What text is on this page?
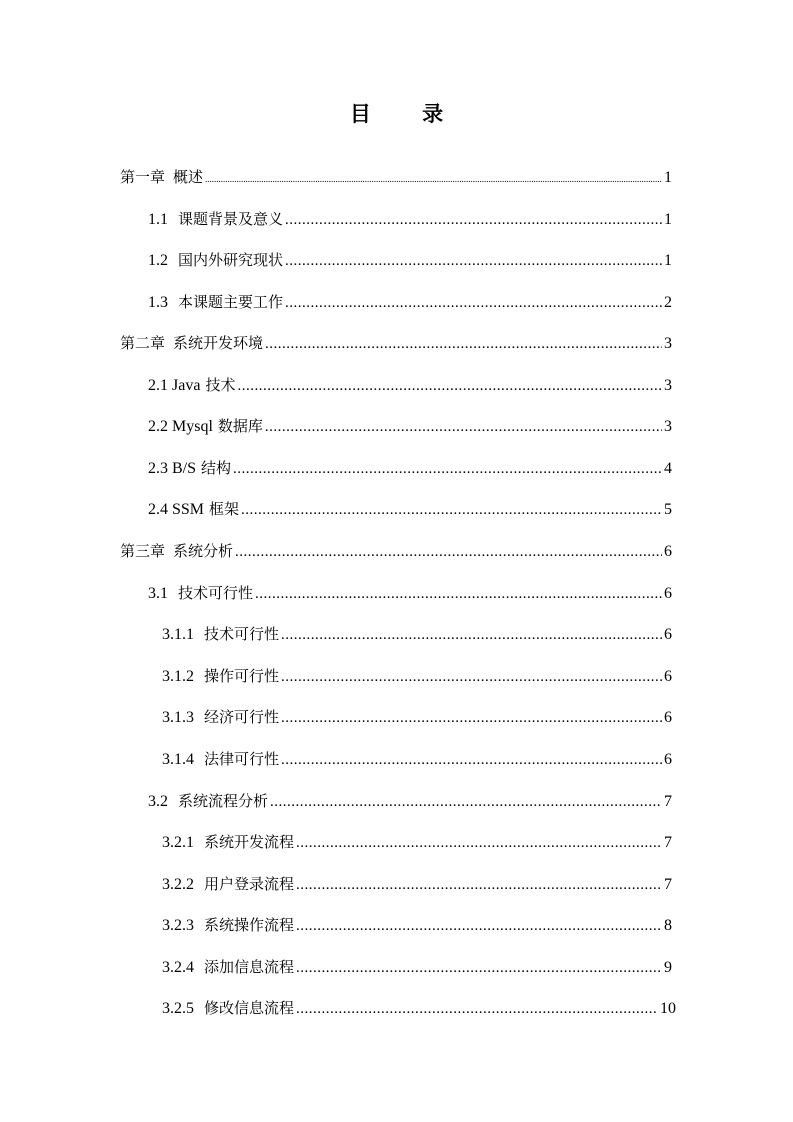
目 录
第一章 概述 .....	1
1.1 课题背景及意义 .....	1
1.2 国内外研究现状 .....	1
1.3 本课题主要工作 .....	2
第二章 系统开发环境 .....	3
2.1 Java 技术 .....	3
2.2 Mysql 数据库 .....	3
2.3 B/S 结构 .....	4
2.4 SSM 框架 .....	5
第三章 系统分析 .....	6
3.1 技术可行性 .....	6
3.1.1 技术可行性 .....	6
3.1.2 操作可行性 .....	6
3.1.3 经济可行性 .....	6
3.1.4 法律可行性 .....	6
3.2 系统流程分析 .....	7
3.2.1 系统开发流程 .....	7
3.2.2 用户登录流程 .....	7
3.2.3 系统操作流程 .....	8
3.2.4 添加信息流程 .....	9
3.2.5 修改信息流程 .....	10
